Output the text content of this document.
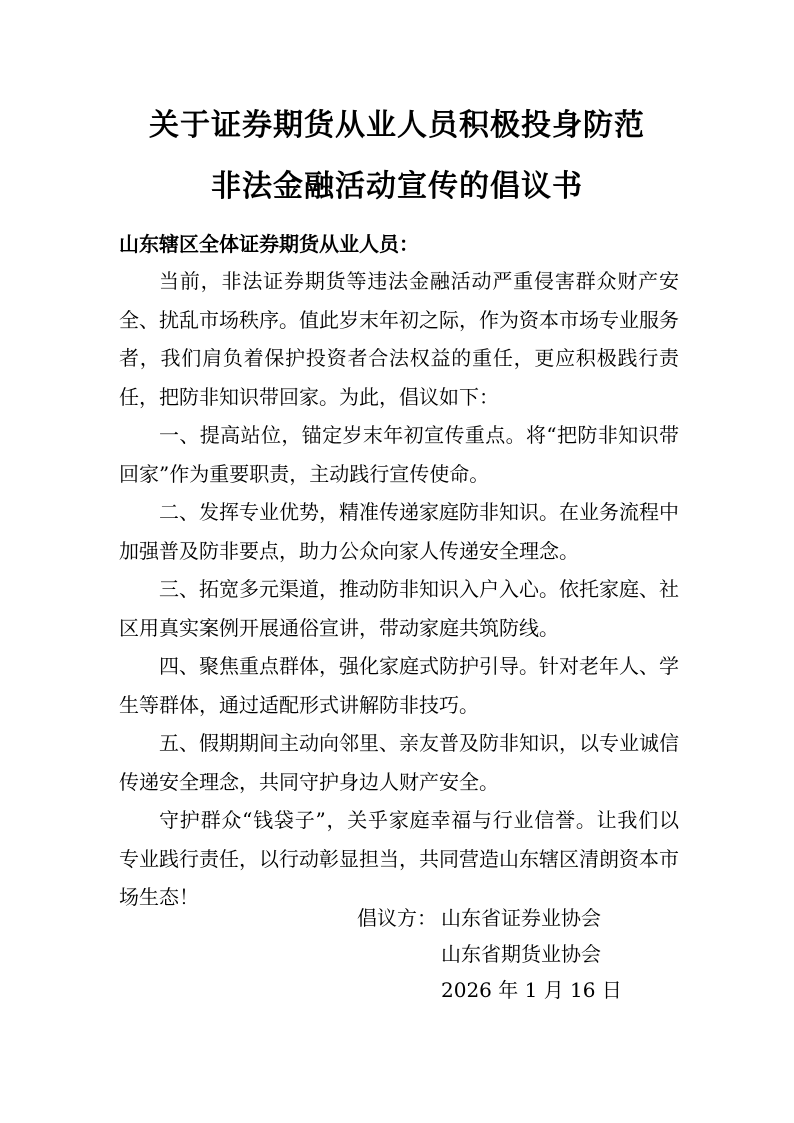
关于证券期货从业人员积极投身防范
非法金融活动宣传的倡议书

山东辖区全体证券期货从业人员：

当前，非法证券期货等违法金融活动严重侵害群众财产安全、扰乱市场秩序。值此岁末年初之际，作为资本市场专业服务者，我们肩负着保护投资者合法权益的重任，更应积极践行责任，把防非知识带回家。为此，倡议如下：

一、提高站位，锚定岁末年初宣传重点。将“把防非知识带回家”作为重要职责，主动践行宣传使命。

二、发挥专业优势，精准传递家庭防非知识。在业务流程中加强普及防非要点，助力公众向家人传递安全理念。

三、拓宽多元渠道，推动防非知识入户入心。依托家庭、社区用真实案例开展通俗宣讲，带动家庭共筑防线。

四、聚焦重点群体，强化家庭式防护引导。针对老年人、学生等群体，通过适配形式讲解防非技巧。

五、假期期间主动向邻里、亲友普及防非知识，以专业诚信传递安全理念，共同守护身边人财产安全。

守护群众“钱袋子”，关乎家庭幸福与行业信誉。让我们以专业践行责任，以行动彰显担当，共同营造山东辖区清朗资本市场生态！

倡议方： 山东省证券业协会
山东省期货业协会
2026 年 1 月 16 日
